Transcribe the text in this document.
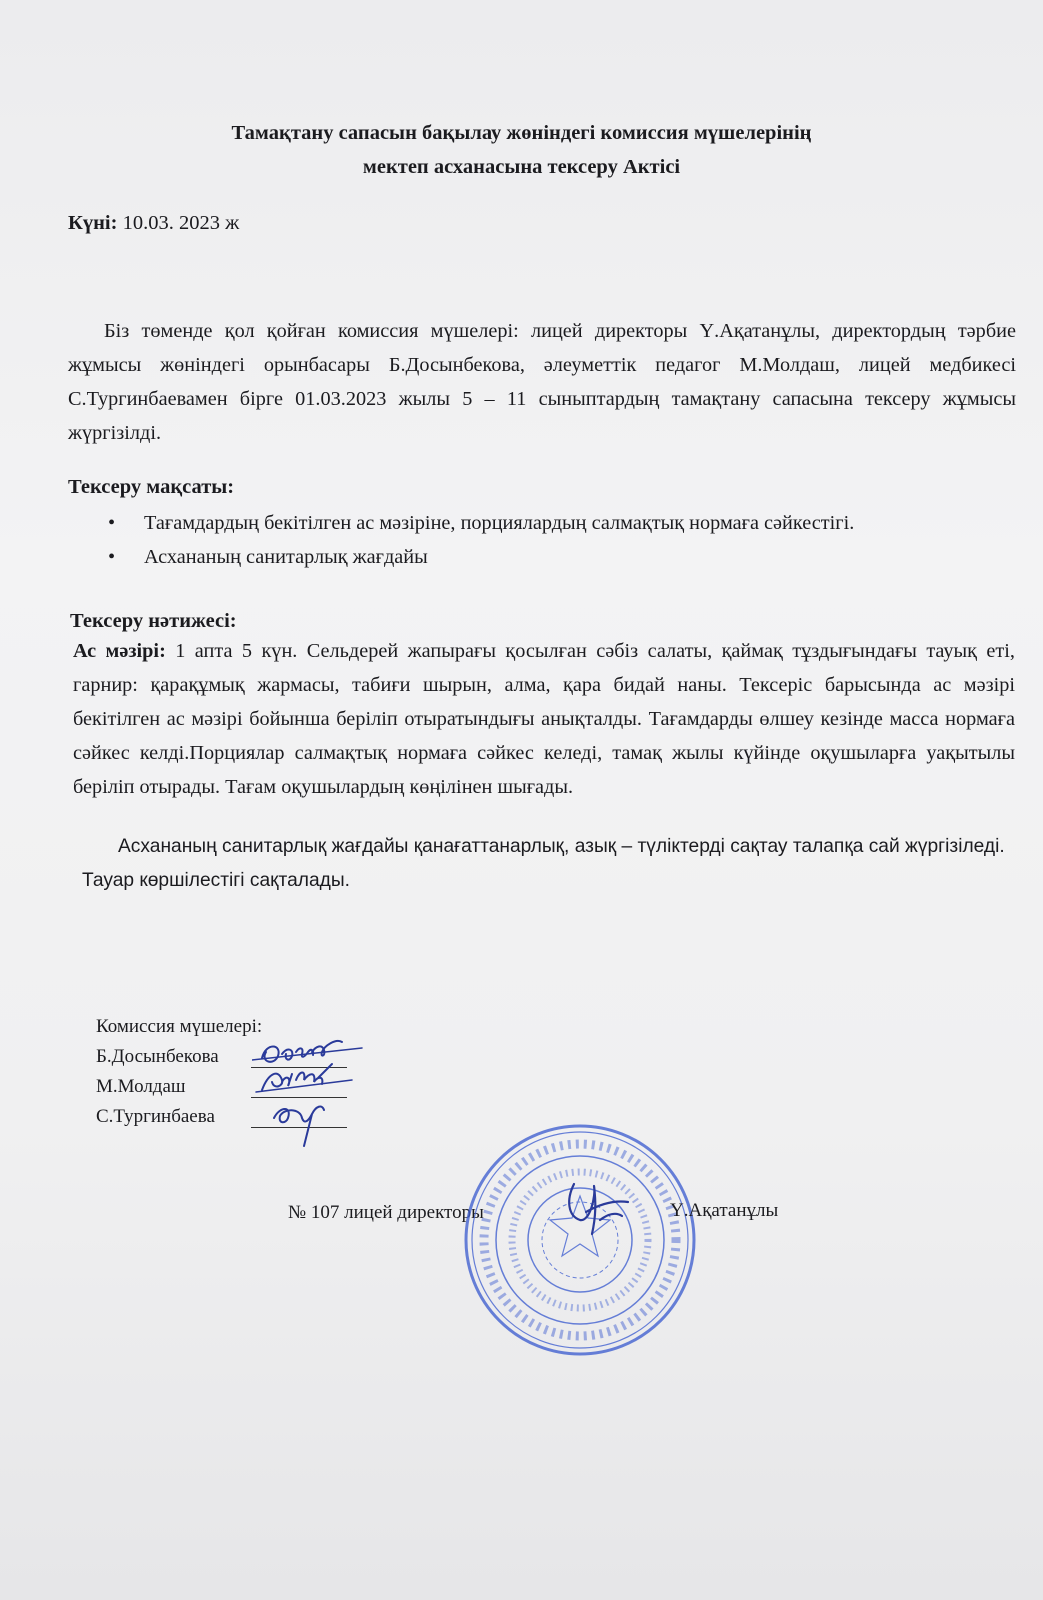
Тамақтану сапасын бақылау жөніндегі комиссия мүшелерінің
мектеп асханасына тексеру Актісі
Күні: 10.03. 2023 ж
Біз төменде қол қойған комиссия мүшелері: лицей директоры Ү.Ақатанұлы, директордың тәрбие жұмысы жөніндегі орынбасары Б.Досынбекова, әлеуметтік педагог М.Молдаш, лицей медбикесі С.Тургинбаевамен бірге 01.03.2023 жылы 5 – 11 сыныптардың тамақтану сапасына тексеру жұмысы жүргізілді.
Тексеру мақсаты:
• Тағамдардың бекітілген ас мәзіріне, порциялардың салмақтық нормаға сәйкестігі.
• Асхананың санитарлық жағдайы
Тексеру нәтижесі:
Ас мәзірі: 1 апта 5 күн. Сельдерей жапырағы қосылған сәбіз салаты, қаймақ тұздығындағы тауық еті, гарнир: қарақұмық жармасы, табиғи шырын, алма, қара бидай наны. Тексеріс барысында ас мәзірі бекітілген ас мәзірі бойынша беріліп отыратындығы анықталды. Тағамдарды өлшеу кезінде масса нормаға сәйкес келді.Порциялар салмақтық нормаға сәйкес келеді, тамақ жылы күйінде оқушыларға уақытылы беріліп отырады. Тағам оқушылардың көңілінен шығады.
Асхананың санитарлық жағдайы қанағаттанарлық, азық – түліктерді сақтау талапқа сай жүргізіледі. Тауар көршілестігі сақталады.
Комиссия мүшелері:
Б.Досынбекова
М.Молдаш
С.Тургинбаева
№ 107 лицей директоры	Ү.Ақатанұлы
